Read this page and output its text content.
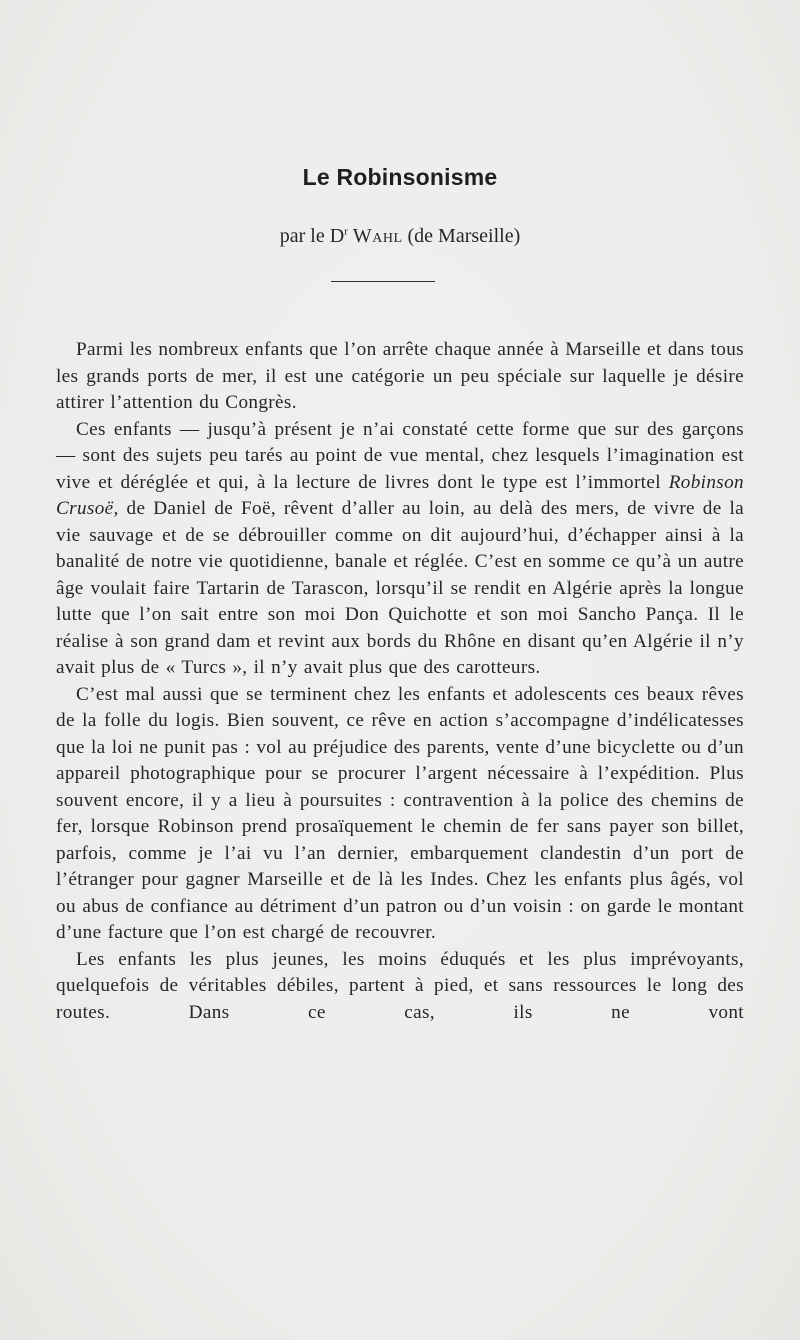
Le Robinsonisme
par le $D^r$ Wahl (de Marseille)

Parmi les nombreux enfants que l’on arrête chaque année à Marseille et dans tous les grands ports de mer, il est une catégorie un peu spéciale sur laquelle je désire attirer l’attention du Congrès.

Ces enfants — jusqu’à présent je n’ai constaté cette forme que sur des garçons — sont des sujets peu tarés au point de vue mental, chez lesquels l’imagination est vive et déréglée et qui, à la lecture de livres dont le type est l’immortel Robinson Crusoë, de Daniel de Foë, rêvent d’aller au loin, au delà des mers, de vivre de la vie sauvage et de se débrouiller comme on dit aujourd’hui, d’échapper ainsi à la banalité de notre vie quotidienne, banale et réglée. C’est en somme ce qu’à un autre âge voulait faire Tartarin de Tarascon, lorsqu’il se rendit en Algérie après la longue lutte que l’on sait entre son moi Don Quichotte et son moi Sancho Pança. Il le réalise à son grand dam et revint aux bords du Rhône en disant qu’en Algérie il n’y avait plus de « Turcs », il n’y avait plus que des carotteurs.

C’est mal aussi que se terminent chez les enfants et adolescents ces beaux rêves de la folle du logis. Bien souvent, ce rêve en action s’accompagne d’indélicatesses que la loi ne punit pas : vol au préjudice des parents, vente d’une bicyclette ou d’un appareil photographique pour se procurer l’argent nécessaire à l’expédition. Plus souvent encore, il y a lieu à poursuites : contravention à la police des chemins de fer, lorsque Robinson prend prosaïquement le chemin de fer sans payer son billet, parfois, comme je l’ai vu l’an dernier, embarquement clandestin d’un port de l’étranger pour gagner Marseille et de là les Indes. Chez les enfants plus âgés, vol ou abus de confiance au détriment d’un patron ou d’un voisin : on garde le montant d’une facture que l’on est chargé de recouvrer.

Les enfants les plus jeunes, les moins éduqués et les plus imprévoyants, quelquefois de véritables débiles, partent à pied, et sans ressources le long des routes. Dans ce cas, ils ne vont
